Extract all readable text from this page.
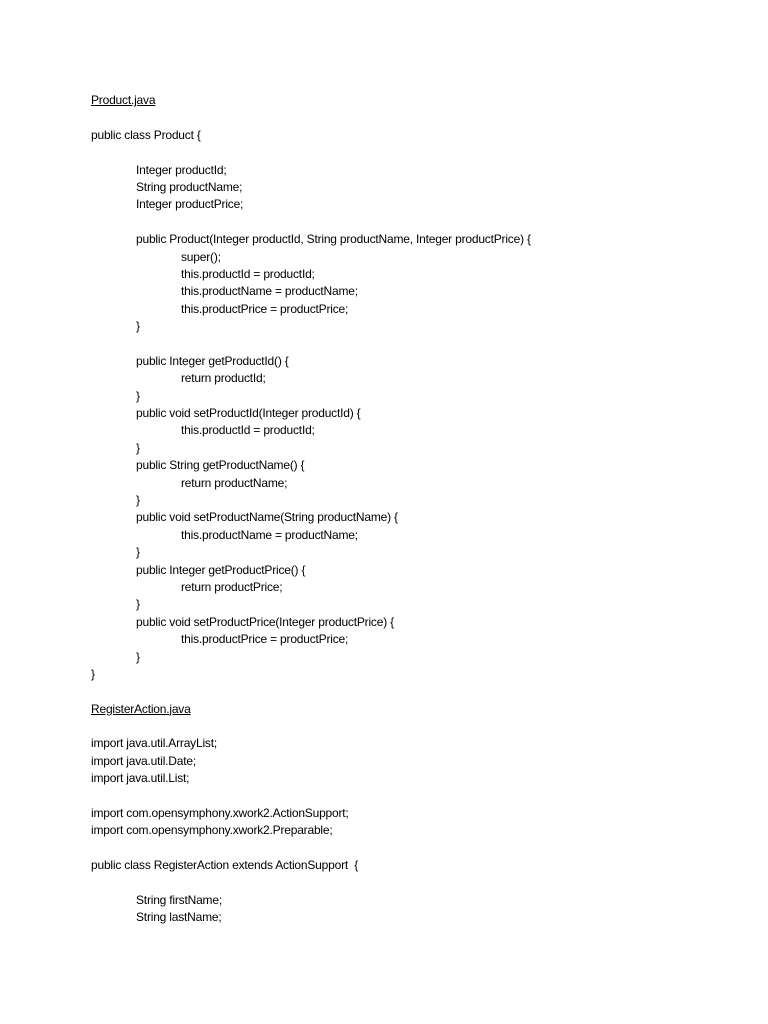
Product.java
public class Product {
Integer productId;
String productName;
Integer productPrice;
public Product(Integer productId, String productName, Integer productPrice) {
super();
this.productId = productId;
this.productName = productName;
this.productPrice = productPrice;
}
public Integer getProductId() {
return productId;
}
public void setProductId(Integer productId) {
this.productId = productId;
}
public String getProductName() {
return productName;
}
public void setProductName(String productName) {
this.productName = productName;
}
public Integer getProductPrice() {
return productPrice;
}
public void setProductPrice(Integer productPrice) {
this.productPrice = productPrice;
}
}
RegisterAction.java
import java.util.ArrayList;
import java.util.Date;
import java.util.List;
import com.opensymphony.xwork2.ActionSupport;
import com.opensymphony.xwork2.Preparable;
public class RegisterAction extends ActionSupport  {
String firstName;
String lastName;
